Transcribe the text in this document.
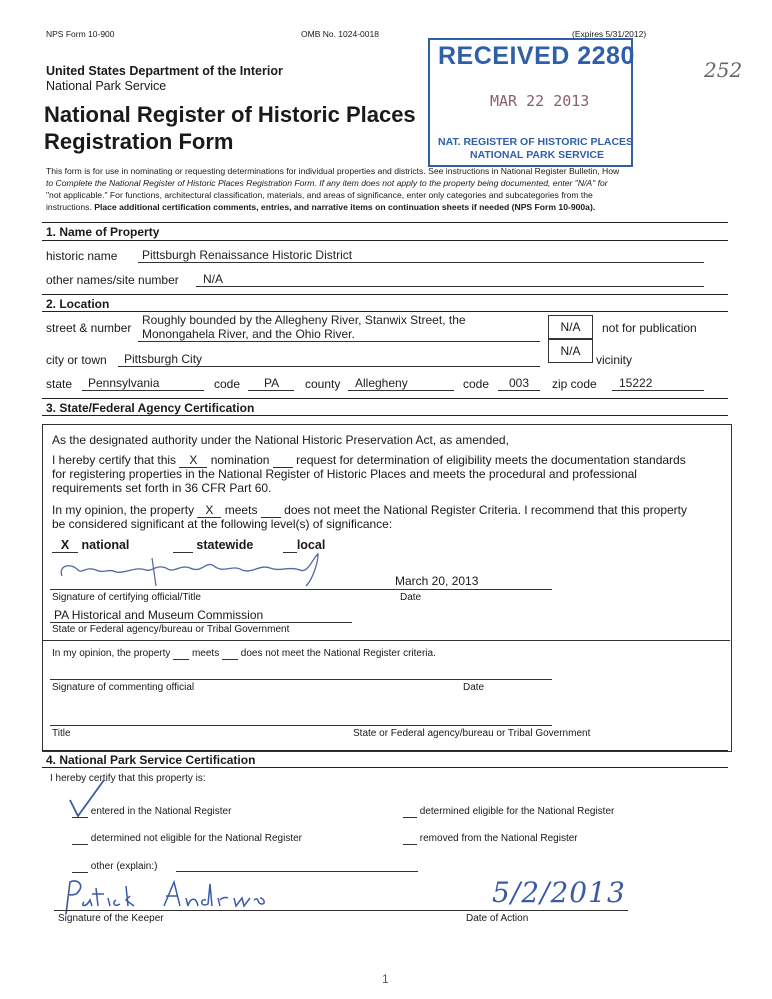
NPS Form 10-900	OMB No. 1024-0018	(Expires 5/31/2012)
United States Department of the Interior
National Park Service
National Register of Historic Places
Registration Form
252
RECEIVED 2280
MAR 22 2013
NAT. REGISTER OF HISTORIC PLACES
NATIONAL PARK SERVICE
This form is for use in nominating or requesting determinations for individual properties and districts. See instructions in National Register Bulletin, How
to Complete the National Register of Historic Places Registration Form. If any item does not apply to the property being documented, enter "N/A" for
"not applicable." For functions, architectural classification, materials, and areas of significance, enter only categories and subcategories from the
instructions. Place additional certification comments, entries, and narrative items on continuation sheets if needed (NPS Form 10-900a).
1. Name of Property
historic name Pittsburgh Renaissance Historic District
other names/site number N/A
2. Location
street & number
Roughly bounded by the Allegheny River, Stanwix Street, the
Monongahela River, and the Ohio River.	N/A	not for publication
city or town Pittsburgh City
N/A
vicinity
state Pennsylvania	code PA county Allegheny	code 003 zip code 15222
3. State/Federal Agency Certification
As the designated authority under the National Historic Preservation Act, as amended,
I hereby certify that this X nomination request for determination of eligibility meets the documentation standards
for registering properties in the National Register of Historic Places and meets the procedural and professional
requirements set forth in 36 CFR Part 60.
In my opinion, the property X meets does not meet the National Register Criteria. I recommend that this property
be considered significant at the following level(s) of significance:
X national	statewide	local
March 20, 2013
Signature of certifying official/Title	Date
PA Historical and Museum Commission
State or Federal agency/bureau or Tribal Government
In my opinion, the property meets does not meet the National Register criteria.
Signature of commenting official	Date
Title	State or Federal agency/bureau or Tribal Government
4. National Park Service Certification
I hereby certify that this property is:
entered in the National Register	determined eligible for the National Register
determined not eligible for the National Register	removed from the National Register
other (explain:)
5/2/2013
Signature of the Keeper	Date of Action
1
